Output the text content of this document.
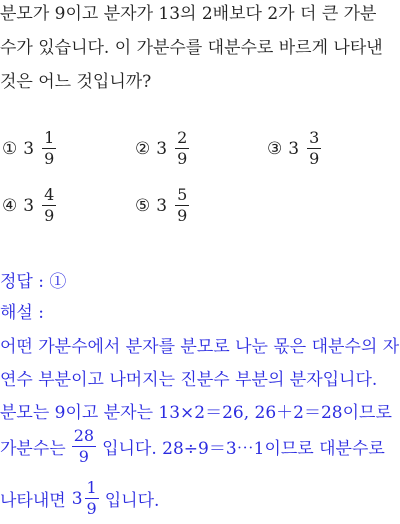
분모가 9이고 분자가 13의 2배보다 2가 더 큰 가분
수가 있습니다. 이 가분수를 대분수로 바르게 나타낸
것은 어느 것입니까?
① $3 \frac{1}{9}$	② $3 \frac{2}{9}$	③ $3 \frac{3}{9}$
④ $3 \frac{4}{9}$	⑤ $3 \frac{5}{9}$
정답 : ①
해설 :
어떤 가분수에서 분자를 분모로 나눈 몫은 대분수의 자
연수 부분이고 나머지는 진분수 부분의 분자입니다.
분모는 9이고 분자는 13×2＝26, 26＋2＝28이므로
가분수는 $\frac{28}{9}$ 입니다. 28÷9＝3⋯1이므로 대분수로
나타내면 $3 \frac{1}{9}$ 입니다.
